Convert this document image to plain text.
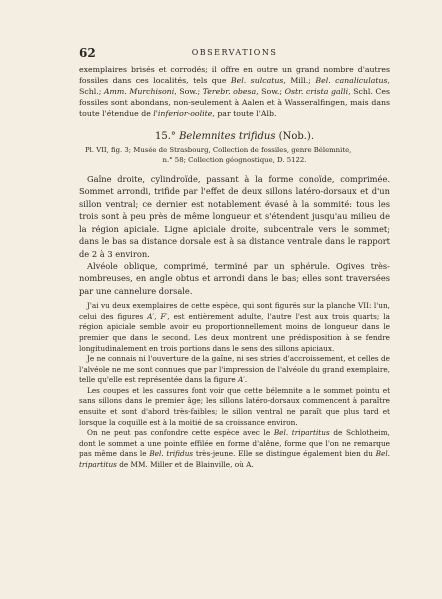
62	OBSERVATIONS

exemplaires brisés et corrodés; il offre en outre un grand nombre d'autres fossiles dans ces localités, tels que Bel. sulcatus, Mill.; Bel. canaliculatus, Schl.; Amm. Murchisoni, Sow.; Terebr. obesa, Sow.; Ostr. crista galli, Schl. Ces fossiles sont abondans, non-seulement à Aalen et à Wasseralfingen, mais dans toute l'étendue de l'inferior-oolite, par toute l'Alb.

15.° Belemnites trifidus (Nob.).
Pl. VII, fig. 3; Musée de Strasbourg, Collection de fossiles, genre Bélemnite,
n.° 58; Collection géognostique, D. 5122.

Gaîne droite, cylindroïde, passant à la forme conoïde, comprimée. Sommet arrondi, trifide par l'effet de deux sillons latéro-dorsaux et d'un sillon ventral; ce dernier est notablement évasé à la sommité: tous les trois sont à peu près de même longueur et s'étendent jusqu'au milieu de la région apiciale. Ligne apiciale droite, subcentrale vers le sommet; dans le bas sa distance dorsale est à sa distance ventrale dans le rapport de 2 à 3 environ.

Alvéole oblique, comprimé, terminé par un sphérule. Ogives très-nombreuses, en angle obtus et arrondi dans le bas; elles sont traversées par une cannelure dorsale.

J'ai vu deux exemplaires de cette espèce, qui sont figurés sur la planche VII: l'un, celui des figures A′, F′, est entièrement adulte, l'autre l'est aux trois quarts; la région apiciale semble avoir eu proportionnellement moins de longueur dans le premier que dans le second. Les deux montrent une prédisposition à se fendre longitudinalement en trois portions dans le sens des sillons apiciaux.

Je ne connais ni l'ouverture de la gaîne, ni ses stries d'accroissement, et celles de l'alvéole ne me sont connues que par l'impression de l'alvéole du grand exemplaire, telle qu'elle est représentée dans la figure A′.

Les coupes et les cassures font voir que cette bélemnite a le sommet pointu et sans sillons dans le premier âge; les sillons latéro-dorsaux commencent à paraître ensuite et sont d'abord très-faibles; le sillon ventral ne paraît que plus tard et lorsque la coquille est à la moitié de sa croissance environ.

On ne peut pas confondre cette espèce avec le Bel. tripartitus de Schlotheim, dont le sommet a une pointe effilée en forme d'alêne, forme que l'on ne remarque pas même dans le Bel. trifidus très-jeune. Elle se distingue également bien du Bel. tripartitus de MM. Miller et de Blainville, où A.
